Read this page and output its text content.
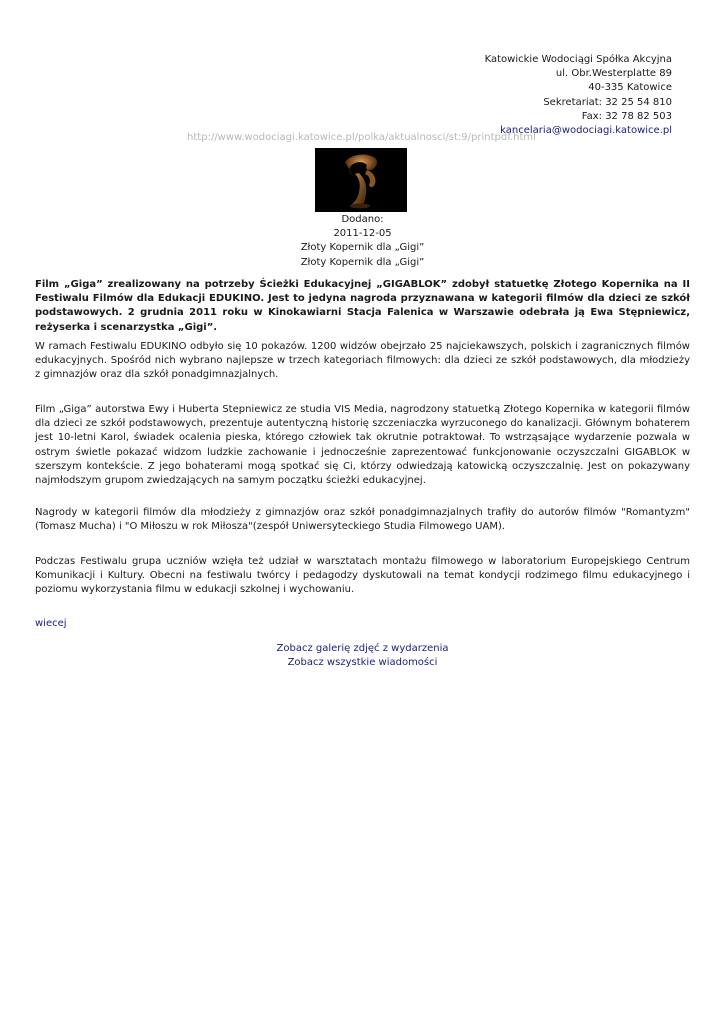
Katowickie Wodociągi Spółka Akcyjna
ul. Obr.Westerplatte 89
40-335 Katowice
Sekretariat: 32 25 54 810
Fax: 32 78 82 503
kancelaria@wodociagi.katowice.pl
http://www.wodociagi.katowice.pl/polka/aktualnosci/st:9/printpdf.html
Dodano:
2011-12-05
Złoty Kopernik dla „Gigi”
Złoty Kopernik dla „Gigi”

Film „Giga” zrealizowany na potrzeby Ścieżki Edukacyjnej „GIGABLOK” zdobył statuetkę Złotego Kopernika na II Festiwalu Filmów dla Edukacji EDUKINO. Jest to jedyna nagroda przyznawana w kategorii filmów dla dzieci ze szkół podstawowych. 2 grudnia 2011 roku w Kinokawiarni Stacja Falenica w Warszawie odebrała ją Ewa Stępniewicz, reżyserka i scenarzystka „Gigi”.

W ramach Festiwalu EDUKINO odbyło się 10 pokazów. 1200 widzów obejrzało 25 najciekawszych, polskich i zagranicznych filmów edukacyjnych. Spośród nich wybrano najlepsze w trzech kategoriach filmowych: dla dzieci ze szkół podstawowych, dla młodzieży z gimnazjów oraz dla szkół ponadgimnazjalnych.

Film „Giga” autorstwa Ewy i Huberta Stepniewicz ze studia VIS Media, nagrodzony statuetką Złotego Kopernika w kategorii filmów dla dzieci ze szkół podstawowych, prezentuje autentyczną historię szczeniaczka wyrzuconego do kanalizacji. Głównym bohaterem jest 10-letni Karol, świadek ocalenia pieska, którego człowiek tak okrutnie potraktował. To wstrząsające wydarzenie pozwala w ostrym świetle pokazać widzom ludzkie zachowanie i jednocześnie zaprezentować funkcjonowanie oczyszczalni GIGABLOK w szerszym kontekście. Z jego bohaterami mogą spotkać się Ci, którzy odwiedzają katowicką oczyszczalnię. Jest on pokazywany najmłodszym grupom zwiedzających na samym początku ścieżki edukacyjnej.

Nagrody w kategorii filmów dla młodzieży z gimnazjów oraz szkół ponadgimnazjalnych trafiły do autorów filmów "Romantyzm" (Tomasz Mucha) i "O Miłoszu w rok Miłosza"(zespół Uniwersyteckiego Studia Filmowego UAM).

Podczas Festiwalu grupa uczniów wzięła też udział w warsztatach montażu filmowego w laboratorium Europejskiego Centrum Komunikacji i Kultury. Obecni na festiwalu twórcy i pedagodzy dyskutowali na temat kondycji rodzimego filmu edukacyjnego i poziomu wykorzystania filmu w edukacji szkolnej i wychowaniu.

wiecej
Zobacz galerię zdjęć z wydarzenia
Zobacz wszystkie wiadomości
